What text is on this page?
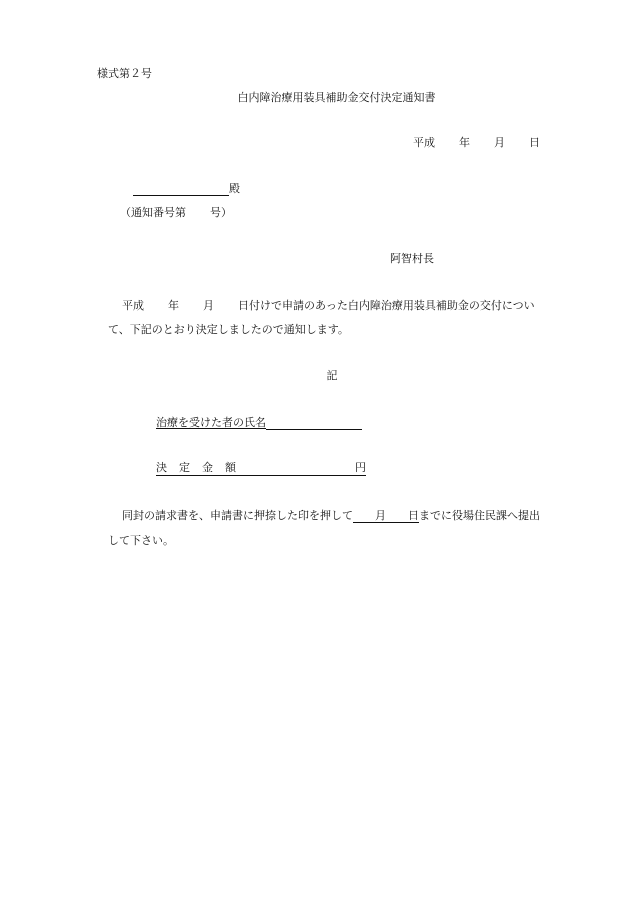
様式第２号
白内障治療用装具補助金交付決定通知書
平成 年 月 日
殿
（通知番号第 号）
阿智村長
平成 年 月 日付けで申請のあった白内障治療用装具補助金の交付につい
て、下記のとおり決定しましたので通知します。
記
治療を受けた者の氏名
決定金額	円
同封の請求書を、申請書に押捺した印を押して 月 日までに役場住民課へ提出
して下さい。
